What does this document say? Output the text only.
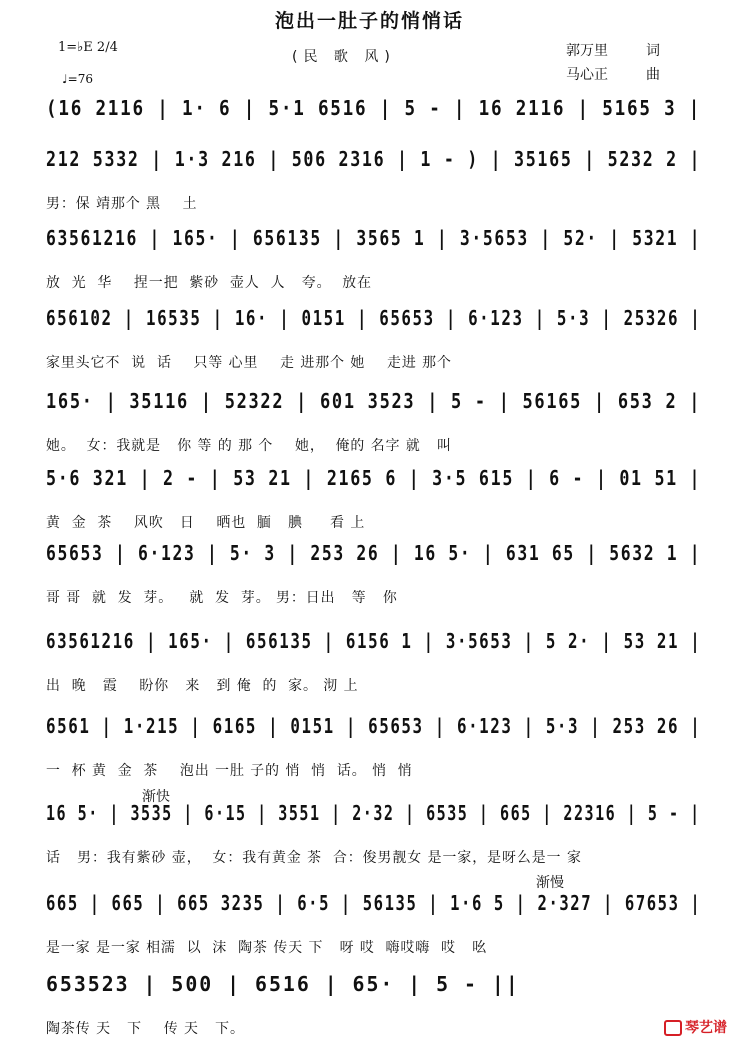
泡出一肚子的悄悄话
1=♭E 2/4
♩=76
(民 歌 风)	郭万里	词
马心正	曲
(16 2116 | 1· 6 | 5·1 6516 | 5 - | 16 2116 | 5165 3 |
212 5332 | 1·3 216 | 506 2316 | 1 - ) | 35165 | 5232 2 |
男：保 靖那个 黑    土
63561216 | 165· | 656135 | 3565 1 | 3·5653 | 52· | 5321 |
放  光  华    捏一把  紫砂  壶人  人   夸。  放在
656102 | 16535 | 16· | 0151 | 65653 | 6·123 | 5·3 | 25326 |
家里头它不  说  话    只等 心里    走 进那个 她    走进 那个
165· | 35116 | 52322 | 601 3523 | 5 - | 56165 | 653 2 |
她。  女：我就是   你 等 的 那 个    她，  俺的 名字 就   叫
5·6 321 | 2 - | 53 21 | 2165 6 | 3·5 615 | 6 - | 01 51 |
黄  金  茶    风吹   日    晒也  腼   腆     看 上
65653 | 6·123 | 5· 3 | 253 26 | 16 5· | 631 65 | 5632 1 |
哥 哥  就  发  芽。   就  发  芽。 男：日出   等   你
63561216 | 165· | 656135 | 6156 1 | 3·5653 | 5 2· | 53 21 |
出  晚   霞    盼你   来   到 俺  的  家。 沏 上
6561 | 1·215 | 6165 | 0151 | 65653 | 6·123 | 5·3 | 253 26 |
一  杯 黄  金  茶    泡出 一肚 子的 悄  悄  话。 悄  悄
16 5· | 3535 | 6·15 | 3551 | 2·32 | 6535 | 665 | 22316 | 5 - |
话   男：我有紫砂 壶，  女：我有黄金 茶  合：俊男靓女 是一家，是呀么是一 家
665 | 665 | 665 3235 | 6·5 | 56135 | 1·6 5 | 2·327 | 67653 |
是一家 是一家 相濡  以  沫  陶茶 传天 下   呀 哎  嗨哎嗨  哎   吆
653523 | 500 | 6516 | 65· | 5 - ||
陶茶传 天   下    传 天   下。
渐快
渐慢
琴艺谱
